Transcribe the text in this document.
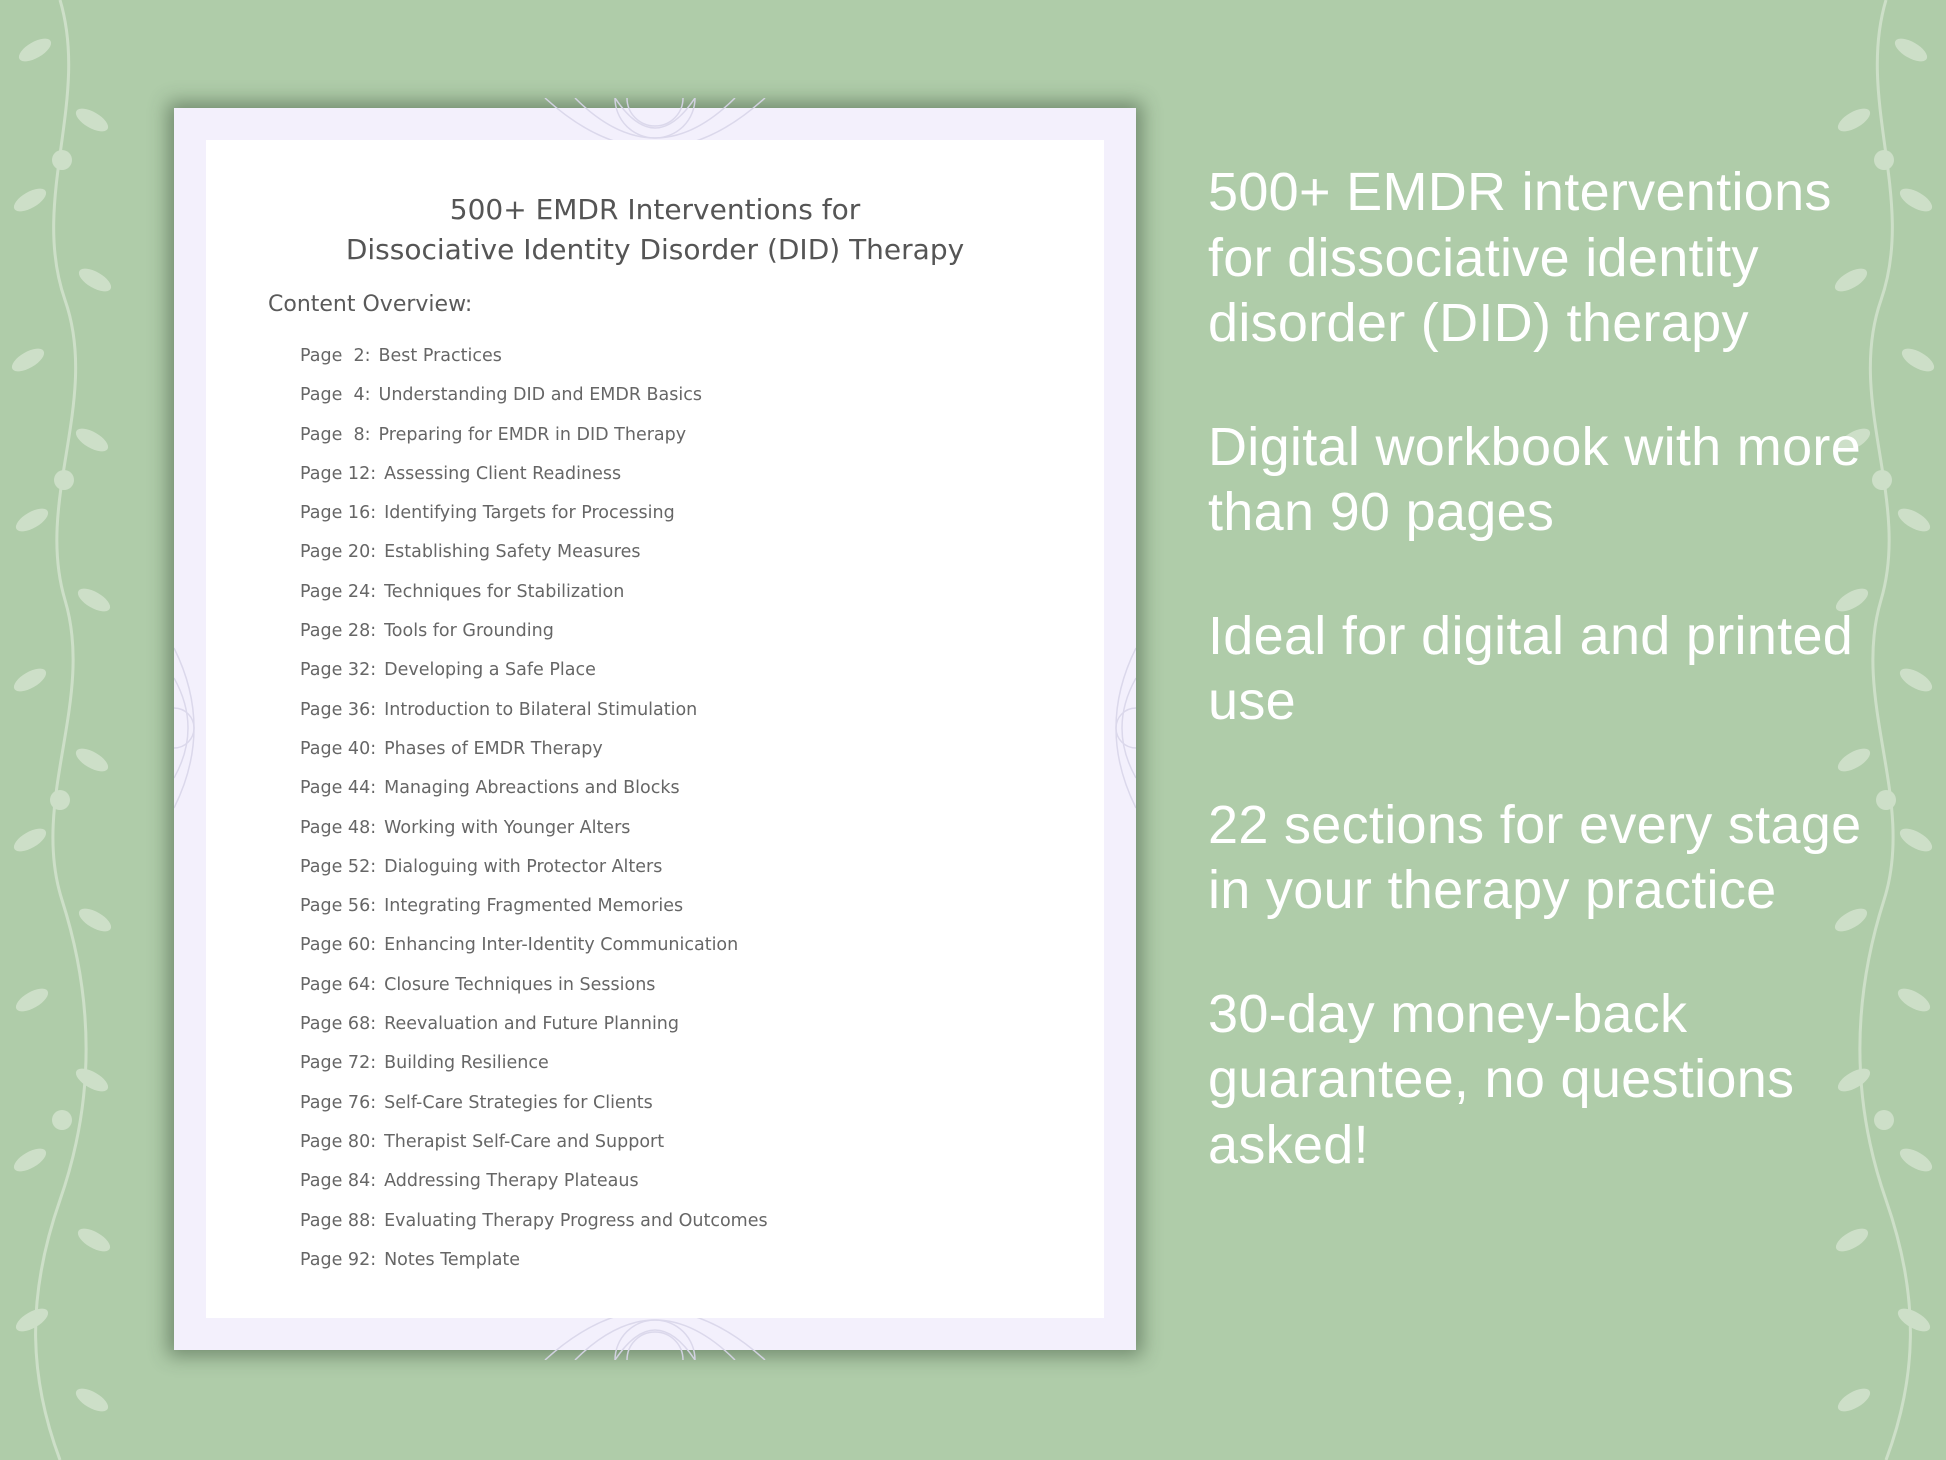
500+ EMDR Interventions for
Dissociative Identity Disorder (DID) Therapy
Content Overview:
Page  2: Best Practices
Page  4: Understanding DID and EMDR Basics
Page  8: Preparing for EMDR in DID Therapy
Page 12: Assessing Client Readiness
Page 16: Identifying Targets for Processing
Page 20: Establishing Safety Measures
Page 24: Techniques for Stabilization
Page 28: Tools for Grounding
Page 32: Developing a Safe Place
Page 36: Introduction to Bilateral Stimulation
Page 40: Phases of EMDR Therapy
Page 44: Managing Abreactions and Blocks
Page 48: Working with Younger Alters
Page 52: Dialoguing with Protector Alters
Page 56: Integrating Fragmented Memories
Page 60: Enhancing Inter-Identity Communication
Page 64: Closure Techniques in Sessions
Page 68: Reevaluation and Future Planning
Page 72: Building Resilience
Page 76: Self-Care Strategies for Clients
Page 80: Therapist Self-Care and Support
Page 84: Addressing Therapy Plateaus
Page 88: Evaluating Therapy Progress and Outcomes
Page 92: Notes Template
500+ EMDR interventions for dissociative identity disorder (DID) therapy
Digital workbook with more than 90 pages
Ideal for digital and printed use
22 sections for every stage in your therapy practice
30-day money-back guarantee, no questions asked!
